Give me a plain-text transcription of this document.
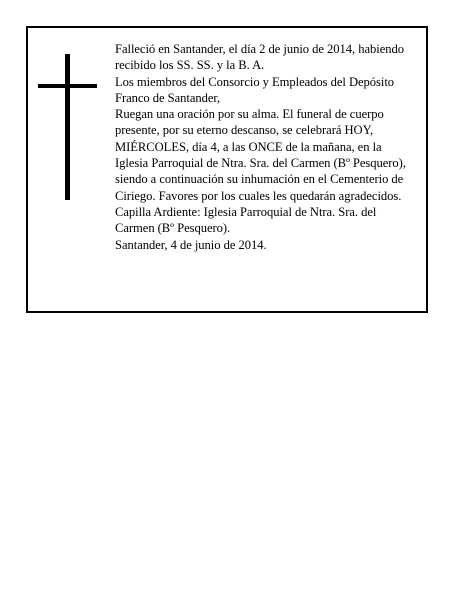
Falleció en Santander, el día 2 de junio de 2014, habiendo recibido los SS. SS. y la B. A.

Los miembros del Consorcio y Empleados del Depósito Franco de Santander,

Ruegan una oración por su alma. El funeral de cuerpo presente, por su eterno descanso, se celebrará HOY, MIÉRCOLES, día 4, a las ONCE de la mañana, en la Iglesia Parroquial de Ntra. Sra. del Carmen (Bº Pesquero), siendo a continuación su inhumación en el Cementerio de Ciriego. Favores por los cuales les quedarán agradecidos. Capilla Ardiente: Iglesia Parroquial de Ntra. Sra. del Carmen (Bº Pesquero).

Santander, 4 de junio de 2014.
